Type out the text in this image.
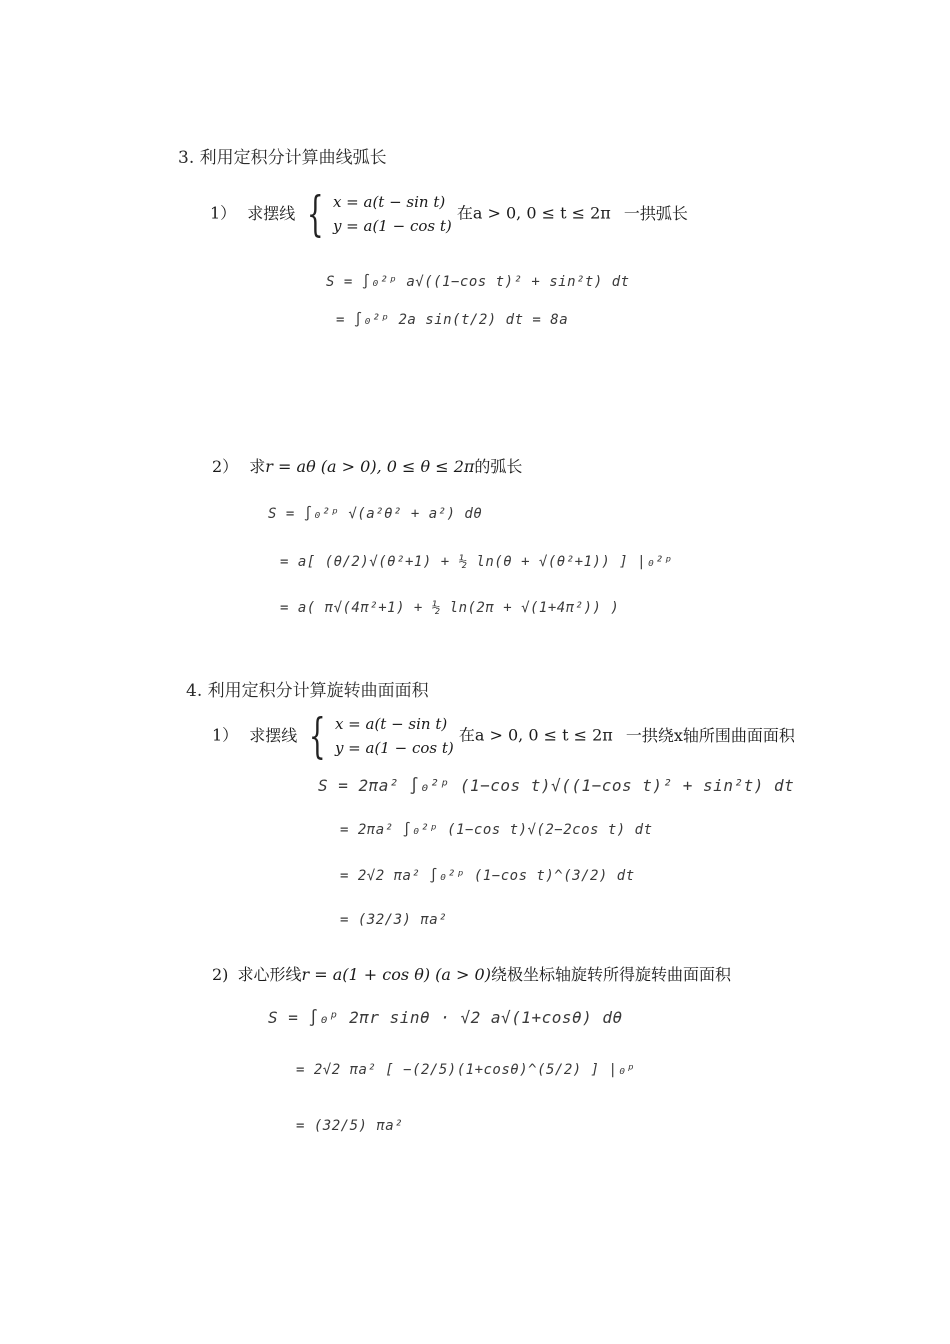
3. 利用定积分计算曲线弧长
1） 求摆线 { x = a(t − sin t)
y = a(1 − cos t)
在a > 0, 0 ≤ t ≤ 2π 一拱弧长
S = ∫₀²ᵖ a√((1−cos t)² + sin²t) dt
= ∫₀²ᵖ 2a sin(t/2) dt = 8a
2） 求r = aθ (a > 0), 0 ≤ θ ≤ 2π的弧长
S = ∫₀²ᵖ √(a²θ² + a²) dθ
= a[ (θ/2)√(θ²+1) + ½ ln(θ + √(θ²+1)) ] |₀²ᵖ
= a( π√(4π²+1) + ½ ln(2π + √(1+4π²)) )
4. 利用定积分计算旋转曲面面积
1） 求摆线 { x = a(t − sin t)
y = a(1 − cos t)
在a > 0, 0 ≤ t ≤ 2π 一拱绕x轴所围曲面面积
S = 2πa² ∫₀²ᵖ (1−cos t)√((1−cos t)² + sin²t) dt
= 2πa² ∫₀²ᵖ (1−cos t)√(2−2cos t) dt
= 2√2 πa² ∫₀²ᵖ (1−cos t)^(3/2) dt
= (32/3) πa²
2) 求心形线r = a(1 + cos θ) (a > 0)绕极坐标轴旋转所得旋转曲面面积
S = ∫₀ᵖ 2πr sinθ · √2 a√(1+cosθ) dθ
= 2√2 πa² [ −(2/5)(1+cosθ)^(5/2) ] |₀ᵖ
= (32/5) πa²
